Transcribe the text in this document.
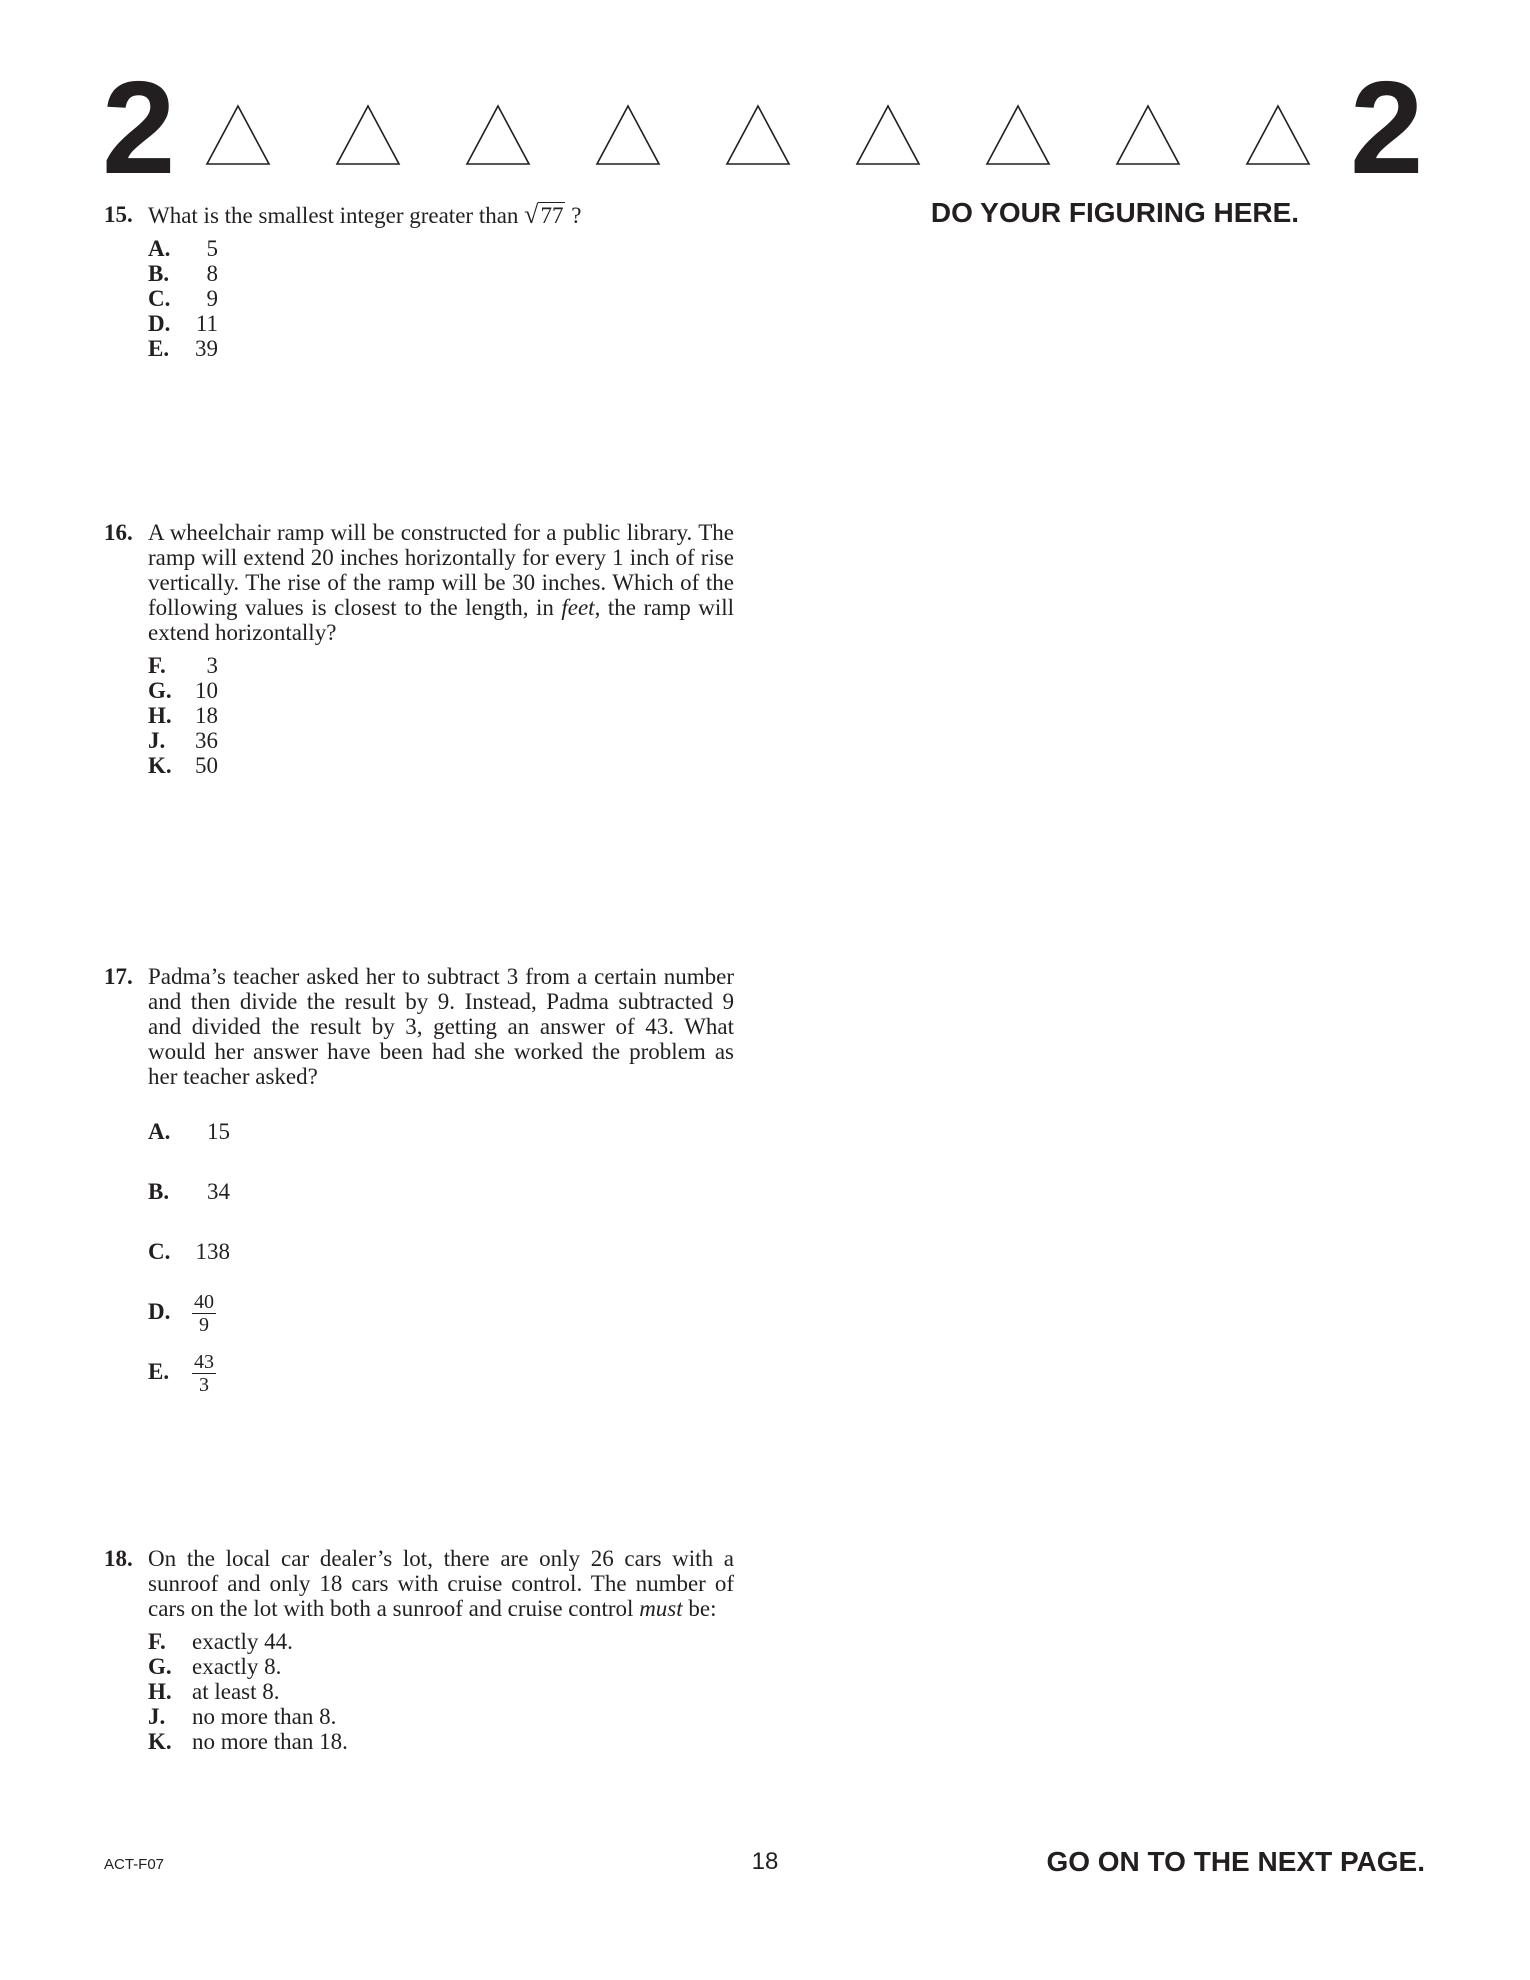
2	2
DO YOUR FIGURING HERE.
15. What is the smallest integer greater than √77 ?
A. 5
B. 8
C. 9
D. 11
E. 39
16. A wheelchair ramp will be constructed for a public library. The ramp will extend 20 inches horizontally for every 1 inch of rise vertically. The rise of the ramp will be 30 inches. Which of the following values is closest to the length, in feet, the ramp will extend horizontally?
F. 3
G. 10
H. 18
J. 36
K. 50
17. Padma’s teacher asked her to subtract 3 from a certain number and then divide the result by 9. Instead, Padma subtracted 9 and divided the result by 3, getting an answer of 43. What would her answer have been had she worked the problem as her teacher asked?
A. 15
B. 34
C. 138
D. $\frac{40}{9}$
E. $\frac{43}{3}$
18. On the local car dealer’s lot, there are only 26 cars with a sunroof and only 18 cars with cruise control. The number of cars on the lot with both a sunroof and cruise control must be:
F. exactly 44.
G. exactly 8.
H. at least 8.
J. no more than 8.
K. no more than 18.
ACT-F07	18	GO ON TO THE NEXT PAGE.
